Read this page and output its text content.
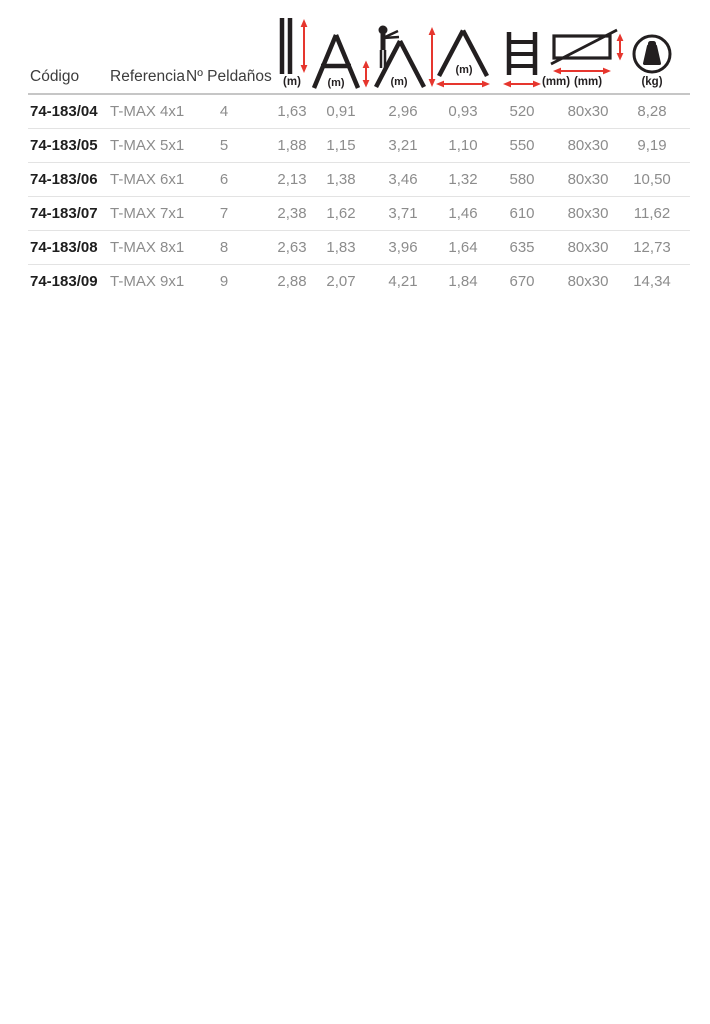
Código	Referencia Nº Peldaños (m) (m)	(m)
(m)
(mm) (mm)	(kg)
74-183/04 T-MAX 4x1	4	1,63	0,91	2,96	0,93	520	80x30	8,28
74-183/05 T-MAX 5x1	5	1,88	1,15	3,21	1,10	550	80x30	9,19
74-183/06 T-MAX 6x1	6	2,13	1,38	3,46	1,32	580	80x30	10,50
74-183/07 T-MAX 7x1	7	2,38	1,62	3,71	1,46	610	80x30	11,62
74-183/08 T-MAX 8x1	8	2,63	1,83	3,96	1,64	635	80x30	12,73
74-183/09 T-MAX 9x1	9	2,88	2,07	4,21	1,84	670	80x30	14,34
